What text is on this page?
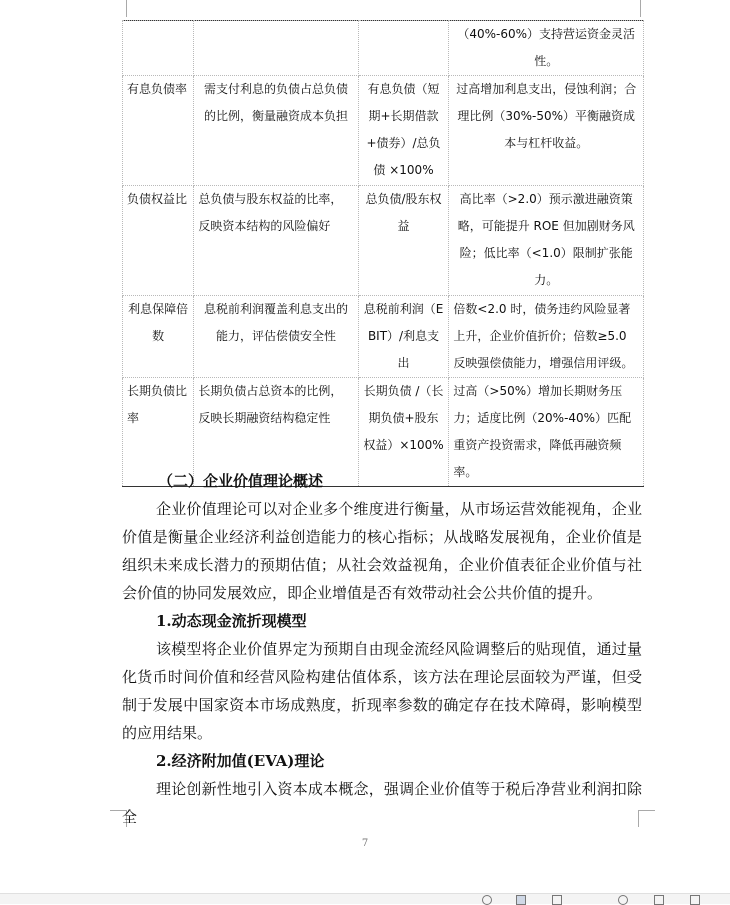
			（40%-60%）支持营运资金灵活性。
有息负债率	需支付利息的负债占总负债的比例，衡量融资成本负担	有息负债（短期+长期借款+债券）/总负债 ×100%	过高增加利息支出，侵蚀利润；合理比例（30%-50%）平衡融资成本与杠杆收益。
负债权益比	总负债与股东权益的比率，反映资本结构的风险偏好	总负债/股东权益	高比率（>2.0）预示激进融资策略，可能提升 ROE 但加剧财务风险；低比率（<1.0）限制扩张能力。
利息保障倍数	息税前利润覆盖利息支出的能力，评估偿债安全性	息税前利润（EBIT）/利息支出	倍数<2.0 时，债务违约风险显著上升，企业价值折价；倍数≥5.0 反映强偿债能力，增强信用评级。
长期负债比率	长期负债占总资本的比例，反映长期融资结构稳定性	长期负债 /（长期负债+股东权益）×100%	过高（>50%）增加长期财务压力；适度比例（20%-40%）匹配重资产投资需求，降低再融资频率。

（二）企业价值理论概述

企业价值理论可以对企业多个维度进行衡量，从市场运营效能视角，企业价值是衡量企业经济利益创造能力的核心指标；从战略发展视角，企业价值是组织未来成长潜力的预期估值；从社会效益视角，企业价值表征企业价值与社会价值的协同发展效应，即企业增值是否有效带动社会公共价值的提升。

1.动态现金流折现模型

该模型将企业价值界定为预期自由现金流经风险调整后的贴现值，通过量化货币时间价值和经营风险构建估值体系，该方法在理论层面较为严谨，但受制于发展中国家资本市场成熟度，折现率参数的确定存在技术障碍，影响模型的应用结果。

2.经济附加值(EVA)理论

理论创新性地引入资本成本概念，强调企业价值等于税后净营业利润扣除全

7
